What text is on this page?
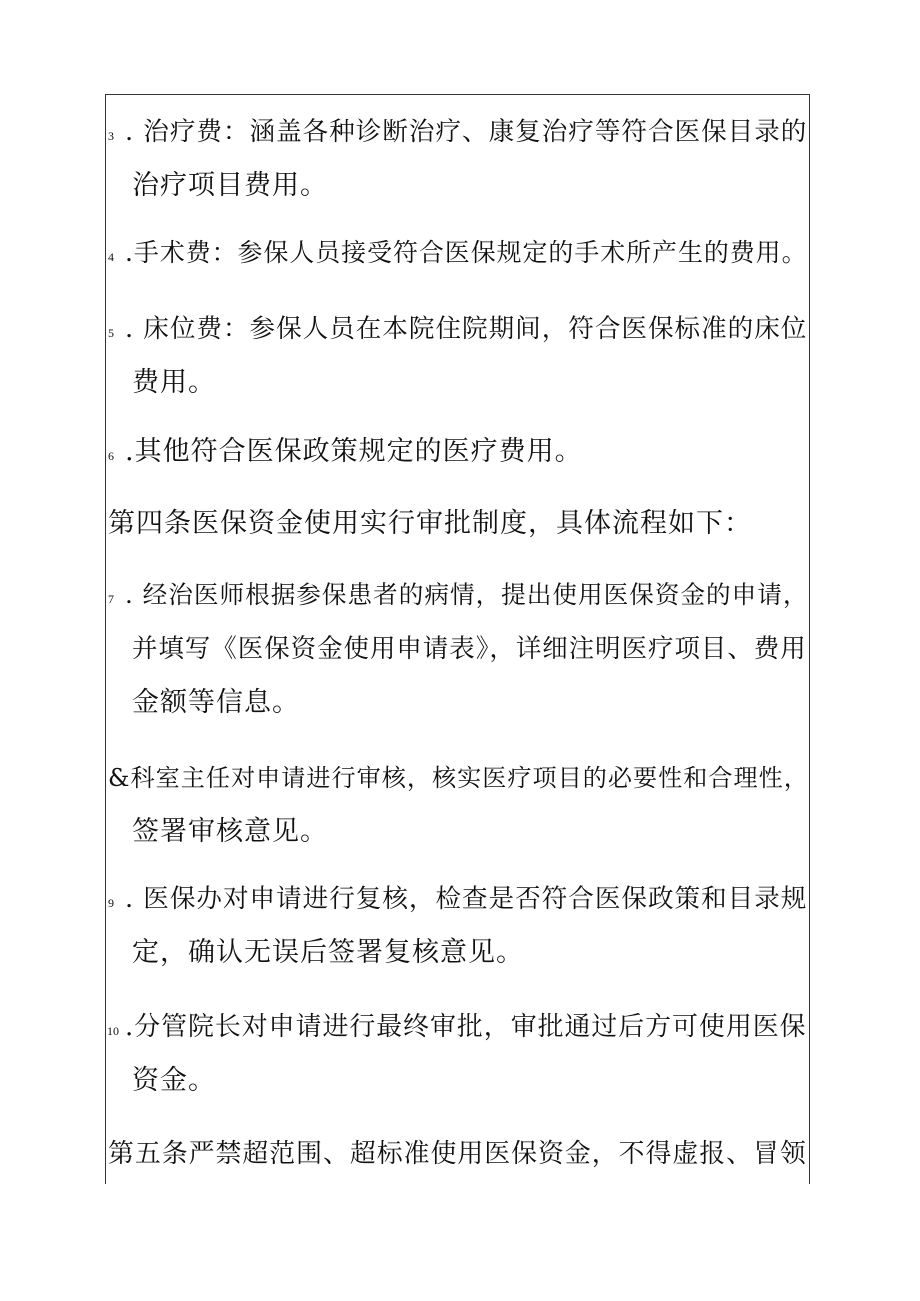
3 . 治疗费：涵盖各种诊断治疗、康复治疗等符合医保目录的
治疗项目费用。
4 .手术费：参保人员接受符合医保规定的手术所产生的费用。
5 . 床位费：参保人员在本院住院期间，符合医保标准的床位
费用。
6 .其他符合医保政策规定的医疗费用。
第四条医保资金使用实行审批制度，具体流程如下：
7 . 经治医师根据参保患者的病情，提出使用医保资金的申请，
并填写《医保资金使用申请表》，详细注明医疗项目、费用
金额等信息。
&科室主任对申请进行审核，核实医疗项目的必要性和合理性，
签署审核意见。
9 . 医保办对申请进行复核，检查是否符合医保政策和目录规
定，确认无误后签署复核意见。
10 .分管院长对申请进行最终审批，审批通过后方可使用医保
资金。
第五条严禁超范围、超标准使用医保资金，不得虚报、冒领
